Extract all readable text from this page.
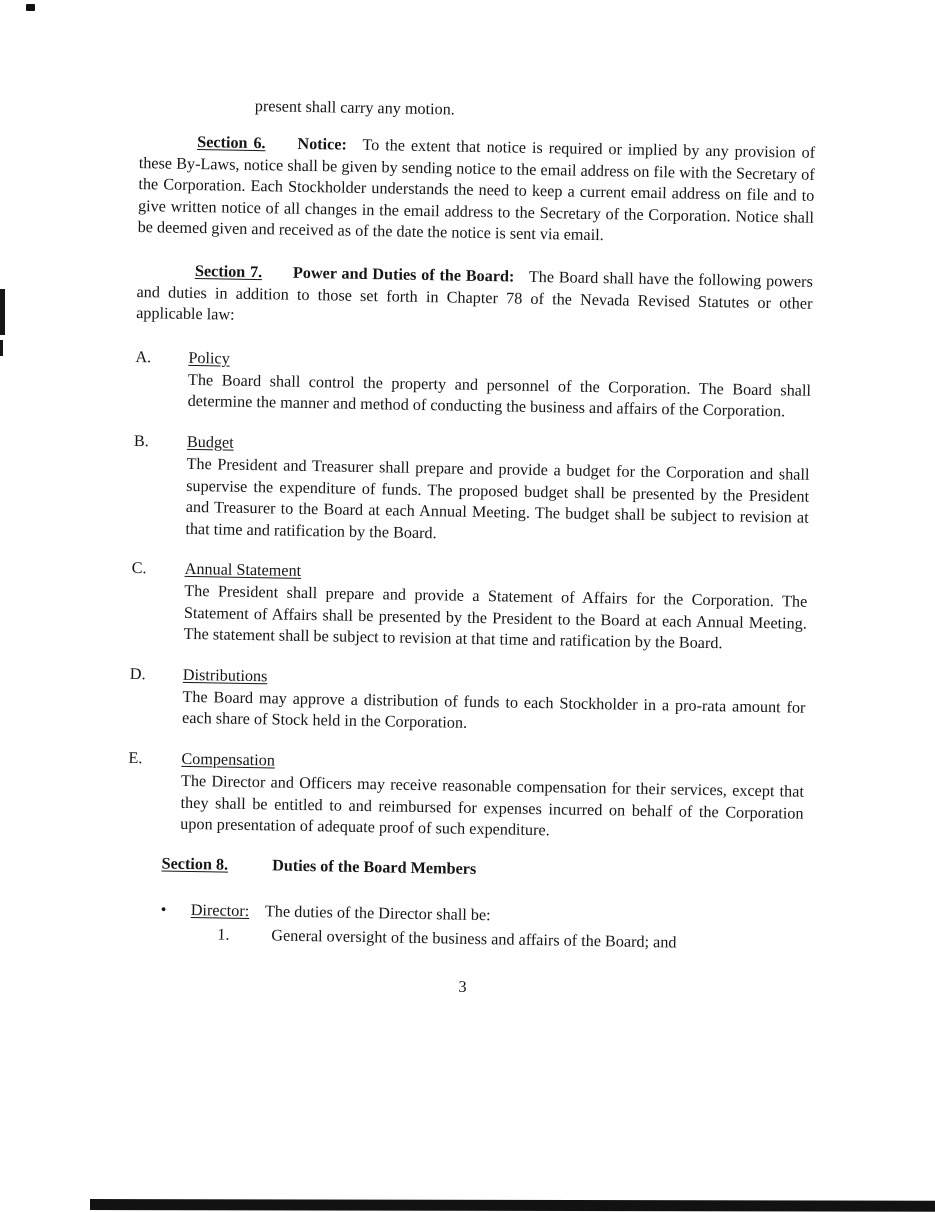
present shall carry any motion.

Section 6. Notice: To the extent that notice is required or implied by any provision of these By-Laws, notice shall be given by sending notice to the email address on file with the Secretary of the Corporation. Each Stockholder understands the need to keep a current email address on file and to give written notice of all changes in the email address to the Secretary of the Corporation. Notice shall be deemed given and received as of the date the notice is sent via email.

Section 7. Power and Duties of the Board: The Board shall have the following powers and duties in addition to those set forth in Chapter 78 of the Nevada Revised Statutes or other applicable law:

A.	Policy
The Board shall control the property and personnel of the Corporation. The Board shall determine the manner and method of conducting the business and affairs of the Corporation.
B.	Budget
The President and Treasurer shall prepare and provide a budget for the Corporation and shall supervise the expenditure of funds. The proposed budget shall be presented by the President and Treasurer to the Board at each Annual Meeting. The budget shall be subject to revision at that time and ratification by the Board.
C.	Annual Statement
The President shall prepare and provide a Statement of Affairs for the Corporation. The Statement of Affairs shall be presented by the President to the Board at each Annual Meeting. The statement shall be subject to revision at that time and ratification by the Board.
D.	Distributions
The Board may approve a distribution of funds to each Stockholder in a pro-rata amount for each share of Stock held in the Corporation.
E.	Compensation
The Director and Officers may receive reasonable compensation for their services, except that they shall be entitled to and reimbursed for expenses incurred on behalf of the Corporation upon presentation of adequate proof of such expenditure.
Section 8.	Duties of the Board Members
• Director: The duties of the Director shall be:
1.	General oversight of the business and affairs of the Board; and
3
